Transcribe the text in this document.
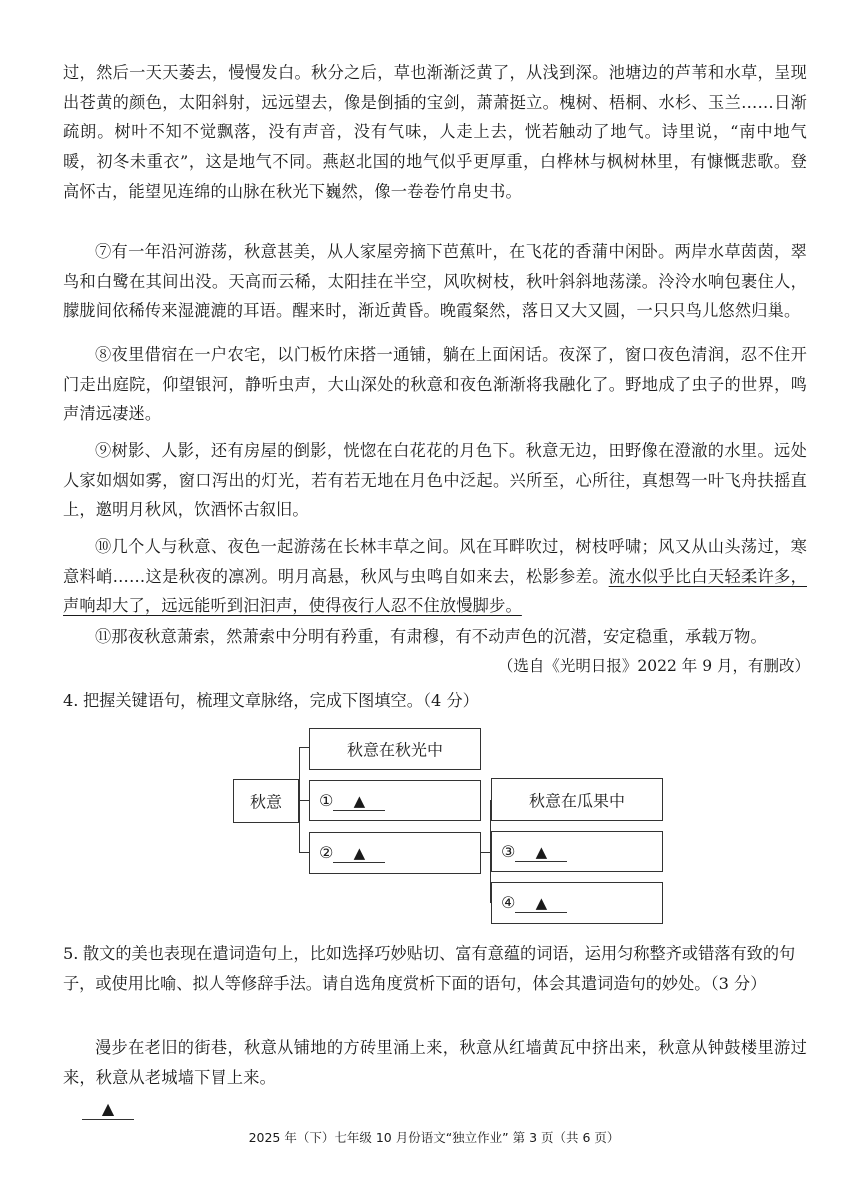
过，然后一天天萎去，慢慢发白。秋分之后，草也渐渐泛黄了，从浅到深。池塘边的芦苇和水草，呈现出苍黄的颜色，太阳斜射，远远望去，像是倒插的宝剑，萧萧挺立。槐树、梧桐、水杉、玉兰……日渐疏朗。树叶不知不觉飘落，没有声音，没有气味，人走上去，恍若触动了地气。诗里说，“南中地气暖，初冬未重衣”，这是地气不同。燕赵北国的地气似乎更厚重，白桦林与枫树林里，有慷慨悲歌。登高怀古，能望见连绵的山脉在秋光下巍然，像一卷卷竹帛史书。

⑦有一年沿河游荡，秋意甚美，从人家屋旁摘下芭蕉叶，在飞花的香蒲中闲卧。两岸水草茵茵，翠鸟和白鹭在其间出没。天高而云稀，太阳挂在半空，风吹树枝，秋叶斜斜地荡漾。泠泠水响包裹住人，朦胧间依稀传来湿漉漉的耳语。醒来时，渐近黄昏。晚霞粲然，落日又大又圆，一只只鸟儿悠然归巢。

⑧夜里借宿在一户农宅，以门板竹床搭一通铺，躺在上面闲话。夜深了，窗口夜色清润，忍不住开门走出庭院，仰望银河，静听虫声，大山深处的秋意和夜色渐渐将我融化了。野地成了虫子的世界，鸣声清远凄迷。

⑨树影、人影，还有房屋的倒影，恍惚在白花花的月色下。秋意无边，田野像在澄澈的水里。远处人家如烟如雾，窗口泻出的灯光，若有若无地在月色中泛起。兴所至，心所往，真想驾一叶飞舟扶摇直上，邀明月秋风，饮酒怀古叙旧。

⑩几个人与秋意、夜色一起游荡在长林丰草之间。风在耳畔吹过，树枝呼啸；风又从山头荡过，寒意料峭……这是秋夜的凛冽。明月高悬，秋风与虫鸣自如来去，松影参差。流水似乎比白天轻柔许多，声响却大了，远远能听到汩汩声，使得夜行人忍不住放慢脚步。

⑪那夜秋意萧索，然萧索中分明有矜重，有肃穆，有不动声色的沉潜，安定稳重，承载万物。

（选自《光明日报》2022 年 9 月，有删改）

4. 把握关键语句，梳理文章脉络，完成下图填空。（4 分）

秋意
秋意在秋光中
① ▲
② ▲
秋意在瓜果中
③ ▲
④ ▲

5. 散文的美也表现在遣词造句上，比如选择巧妙贴切、富有意蕴的词语，运用匀称整齐或错落有致的句子，或使用比喻、拟人等修辞手法。请自选角度赏析下面的语句，体会其遣词造句的妙处。（3 分）

漫步在老旧的街巷，秋意从铺地的方砖里涌上来，秋意从红墙黄瓦中挤出来，秋意从钟鼓楼里游过来，秋意从老城墙下冒上来。

▲
2025 年（下）七年级 10 月份语文“独立作业” 第 3 页（共 6 页）
